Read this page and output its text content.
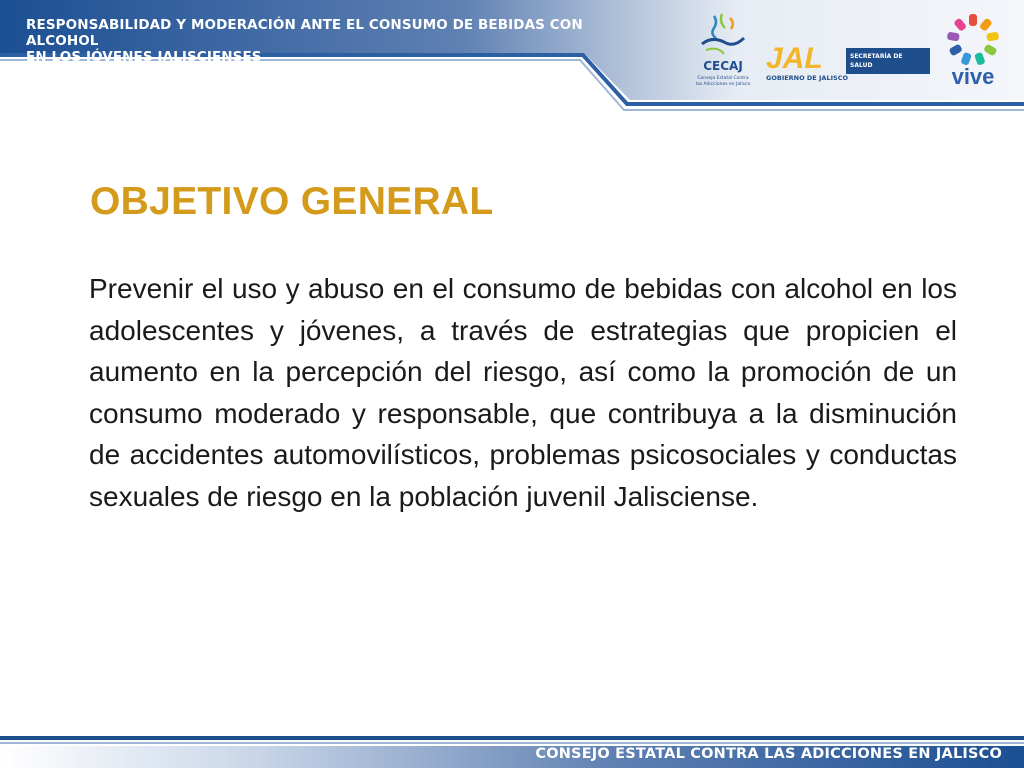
RESPONSABILIDAD Y MODERACIÓN ANTE EL CONSUMO DE BEBIDAS CON ALCOHOL
EN LOS JÓVENES JALISCIENSES
CECAJ
Consejo Estatal Contra
las Adicciones en Jalisco
JAL
GOBIERNO DE JALISCO
SECRETARÍA DE
SALUD	vive
OBJETIVO GENERAL
Prevenir el uso y abuso en el consumo de bebidas con alcohol en los adolescentes y jóvenes, a través de estrategias que propicien el aumento en la percepción del riesgo, así como la promoción de un consumo moderado y responsable, que contribuya a la disminución de accidentes automovilísticos, problemas psicosociales y conductas sexuales de riesgo en la población juvenil Jalisciense.
CONSEJO ESTATAL CONTRA LAS ADICCIONES EN JALISCO
